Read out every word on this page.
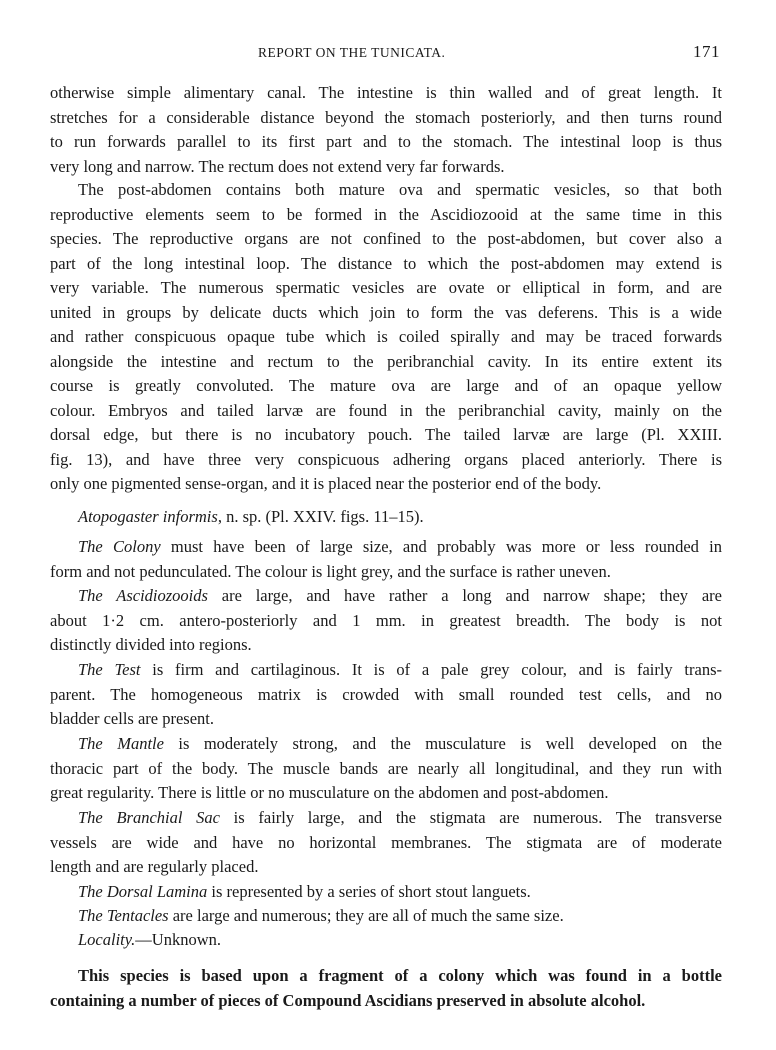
REPORT ON THE TUNICATA.	171
otherwise simple alimentary canal. The intestine is thin walled and of great length. It
stretches for a considerable distance beyond the stomach posteriorly, and then turns round
to run forwards parallel to its first part and to the stomach. The intestinal loop is thus
very long and narrow. The rectum does not extend very far forwards.
The post-abdomen contains both mature ova and spermatic vesicles, so that both
reproductive elements seem to be formed in the Ascidiozooid at the same time in this
species. The reproductive organs are not confined to the post-abdomen, but cover also a
part of the long intestinal loop. The distance to which the post-abdomen may extend is
very variable. The numerous spermatic vesicles are ovate or elliptical in form, and are
united in groups by delicate ducts which join to form the vas deferens. This is a wide
and rather conspicuous opaque tube which is coiled spirally and may be traced forwards
alongside the intestine and rectum to the peribranchial cavity. In its entire extent its
course is greatly convoluted. The mature ova are large and of an opaque yellow
colour. Embryos and tailed larvæ are found in the peribranchial cavity, mainly on the
dorsal edge, but there is no incubatory pouch. The tailed larvæ are large (Pl. XXIII.
fig. 13), and have three very conspicuous adhering organs placed anteriorly. There is
only one pigmented sense-organ, and it is placed near the posterior end of the body.
Atopogaster informis, n. sp. (Pl. XXIV. figs. 11–15).
The Colony must have been of large size, and probably was more or less rounded in
form and not pedunculated. The colour is light grey, and the surface is rather uneven.
The Ascidiozooids are large, and have rather a long and narrow shape; they are
about 1·2 cm. antero-posteriorly and 1 mm. in greatest breadth. The body is not
distinctly divided into regions.
The Test is firm and cartilaginous. It is of a pale grey colour, and is fairly trans-
parent. The homogeneous matrix is crowded with small rounded test cells, and no
bladder cells are present.
The Mantle is moderately strong, and the musculature is well developed on the
thoracic part of the body. The muscle bands are nearly all longitudinal, and they run with
great regularity. There is little or no musculature on the abdomen and post-abdomen.
The Branchial Sac is fairly large, and the stigmata are numerous. The transverse
vessels are wide and have no horizontal membranes. The stigmata are of moderate
length and are regularly placed.
The Dorsal Lamina is represented by a series of short stout languets.
The Tentacles are large and numerous; they are all of much the same size.
Locality.—Unknown.
This species is based upon a fragment of a colony which was found in a bottle
containing a number of pieces of Compound Ascidians preserved in absolute alcohol.
